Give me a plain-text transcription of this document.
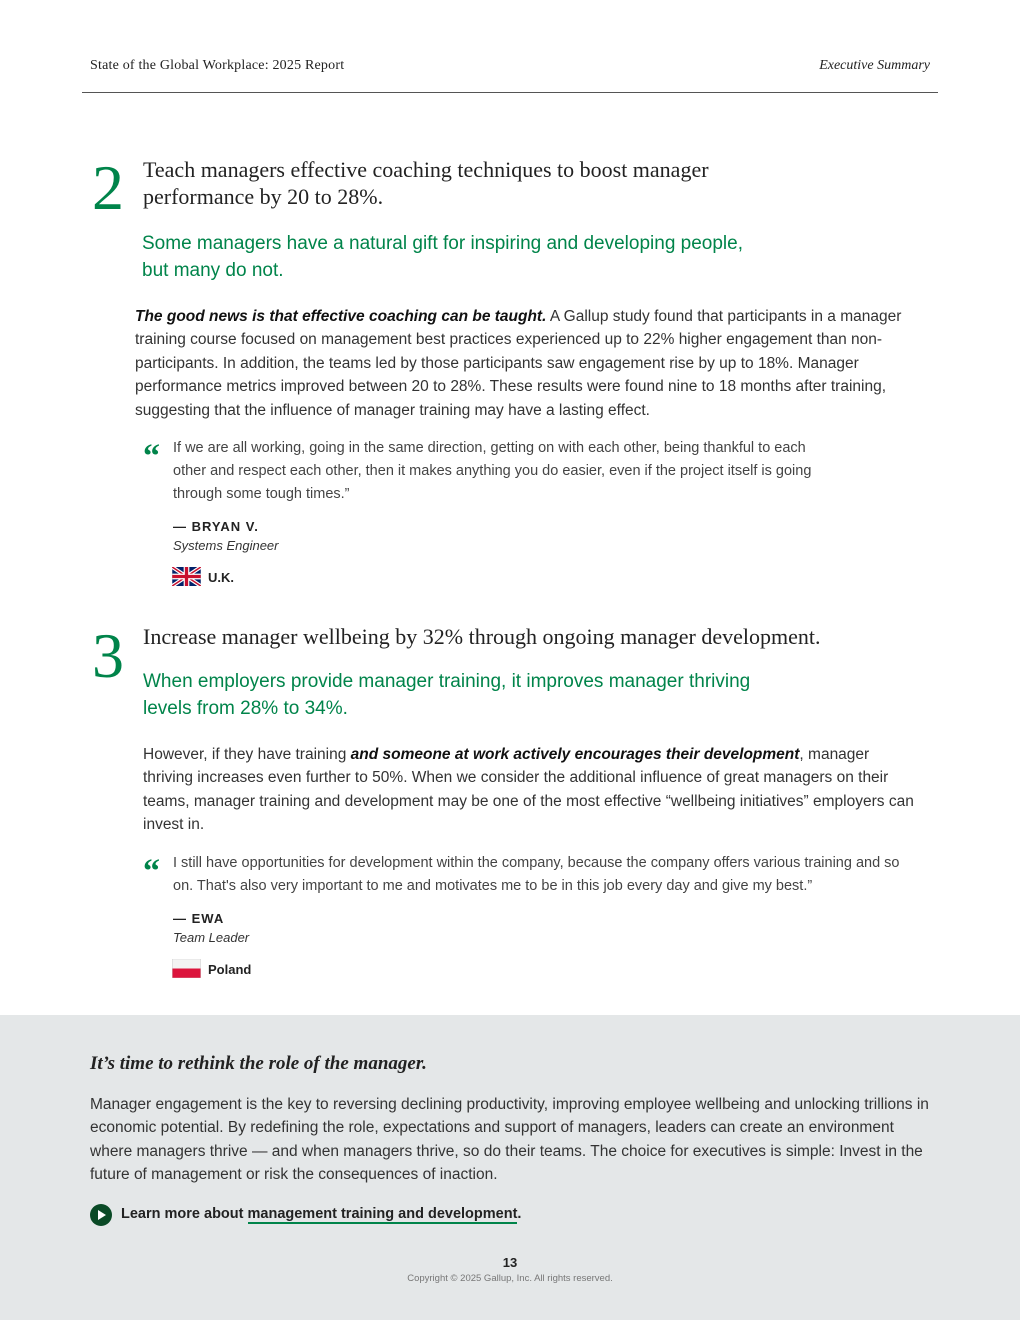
State of the Global Workplace: 2025 Report	Executive Summary
2 Teach managers effective coaching techniques to boost manager
performance by 20 to 28%.

Some managers have a natural gift for inspiring and developing people,
but many do not.

The good news is that effective coaching can be taught. A Gallup study found that participants in a manager training course focused on management best practices experienced up to 22% higher engagement than non-participants. In addition, the teams led by those participants saw engagement rise by up to 18%. Manager performance metrics improved between 20 to 28%. These results were found nine to 18 months after training, suggesting that the influence of manager training may have a lasting effect.

“ If we are all working, going in the same direction, getting on with each other, being thankful to each other and respect each other, then it makes anything you do easier, even if the project itself is going through some tough times.”

— BRYAN V.
Systems Engineer
U.K.
3 Increase manager wellbeing by 32% through ongoing manager development.

When employers provide manager training, it improves manager thriving
levels from 28% to 34%.

However, if they have training and someone at work actively encourages their development, manager thriving increases even further to 50%. When we consider the additional influence of great managers on their teams, manager training and development may be one of the most effective “wellbeing initiatives” employers can invest in.

“ I still have opportunities for development within the company, because the company offers various training and so on. That's also very important to me and motivates me to be in this job every day and give my best.”

— EWA
Team Leader
Poland
It’s time to rethink the role of the manager.

Manager engagement is the key to reversing declining productivity, improving employee wellbeing and unlocking trillions in economic potential. By redefining the role, expectations and support of managers, leaders can create an environment where managers thrive — and when managers thrive, so do their teams. The choice for executives is simple: Invest in the future of management or risk the consequences of inaction.

Learn more about management training and development.
13
Copyright © 2025 Gallup, Inc. All rights reserved.
